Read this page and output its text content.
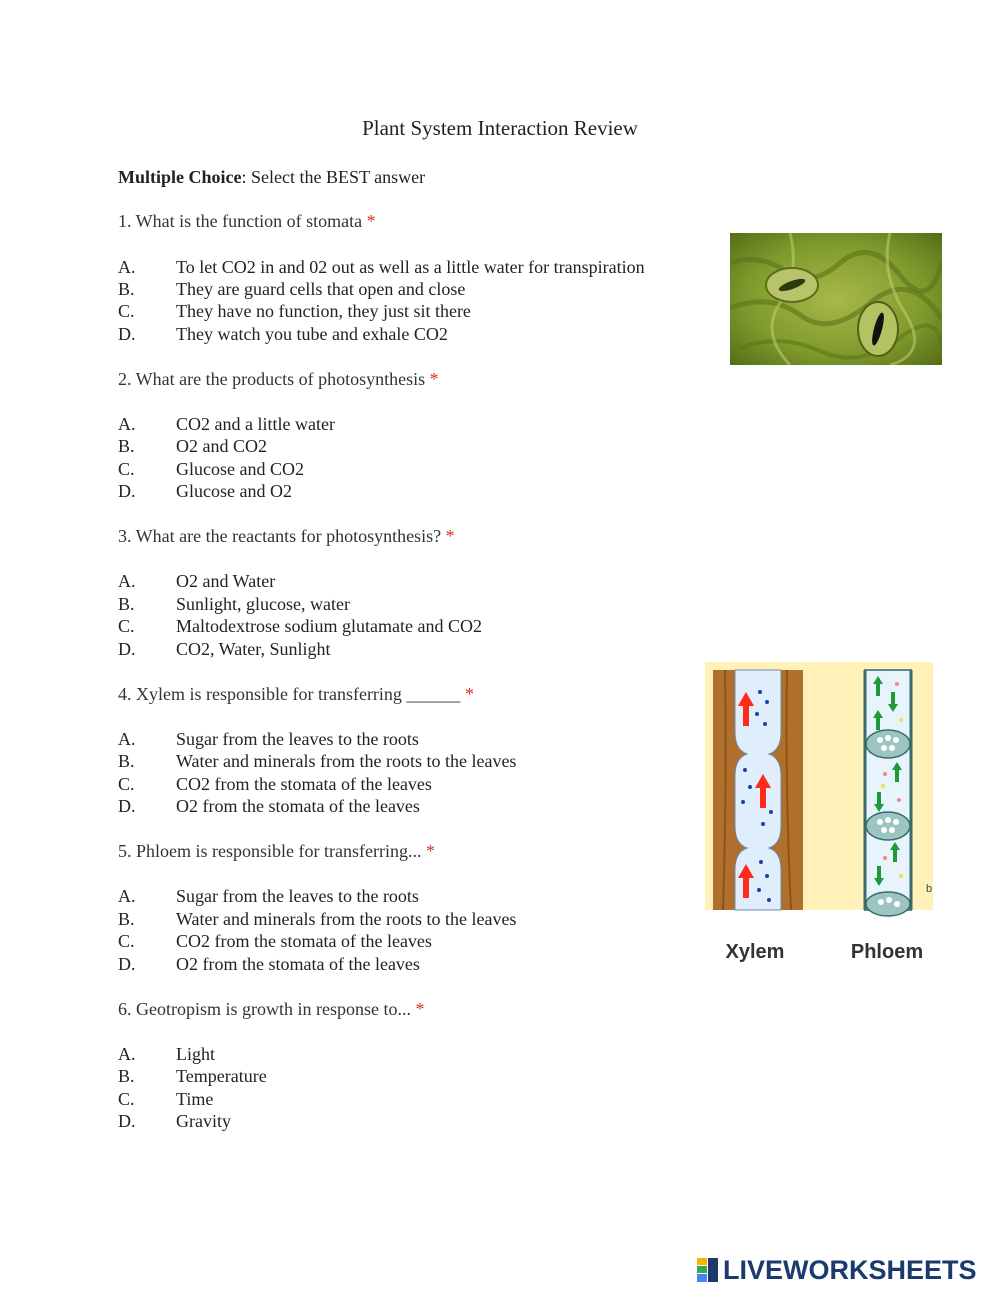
Plant System Interaction Review
Multiple Choice: Select the BEST answer
1. What is the function of stomata *
A. To let CO2 in and 02 out as well as a little water for transpiration
B. They are guard cells that open and close
C. They have no function, they just sit there
D. They watch you tube and exhale CO2
2. What are the products of photosynthesis *
A. CO2 and a little water
B. O2 and CO2
C. Glucose and CO2
D. Glucose and O2
3. What are the reactants for photosynthesis? *
A. O2 and Water
B. Sunlight, glucose, water
C. Maltodextrose sodium glutamate and CO2
D. CO2, Water, Sunlight
4. Xylem is responsible for transferring ______ *
A. Sugar from the leaves to the roots
B. Water and minerals from the roots to the leaves
C. CO2 from the stomata of the leaves
D. O2 from the stomata of the leaves
5. Phloem is responsible for transferring... *
A. Sugar from the leaves to the roots
B. Water and minerals from the roots to the leaves
C. CO2 from the stomata of the leaves
D. O2 from the stomata of the leaves
6. Geotropism is growth in response to... *
A. Light
B. Temperature
C. Time
D. Gravity
b
Xylem	Phloem
LIVEWORKSHEETS
